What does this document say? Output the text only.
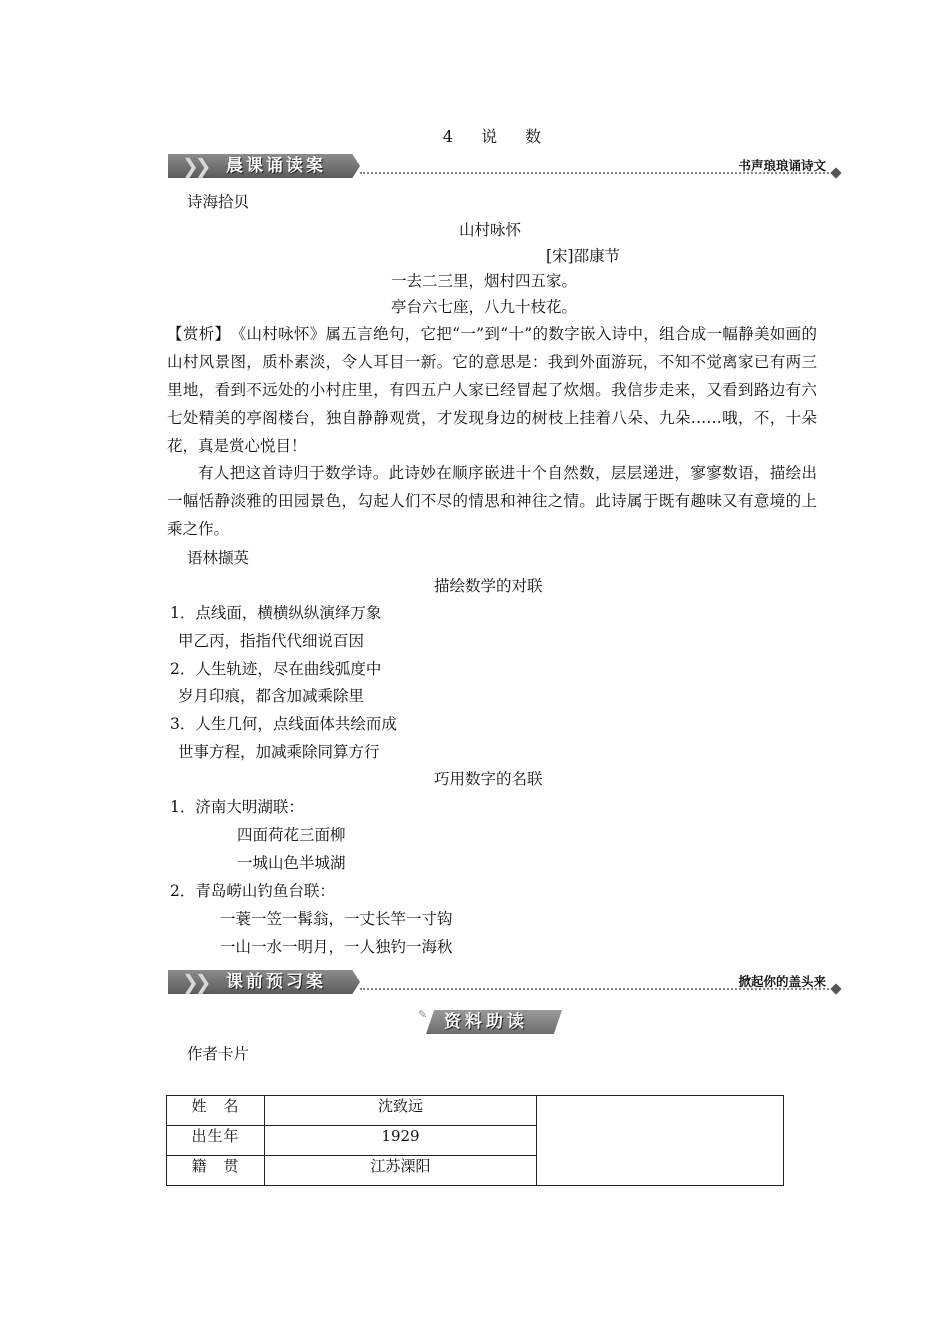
4　说　数
❯❯ 晨课诵读案	书声琅琅诵诗文
诗海拾贝
山村咏怀
[宋]邵康节
一去二三里，烟村四五家。
亭台六七座，八九十枝花。
【赏析】　《山村咏怀》属五言绝句，它把“一”到“十”的数字嵌入诗中，组合成一幅静美如画的山村风景图，质朴素淡，令人耳目一新。它的意思是：我到外面游玩，不知不觉离家已有两三里地，看到不远处的小村庄里，有四五户人家已经冒起了炊烟。我信步走来，又看到路边有六七处精美的亭阁楼台，独自静静观赏，才发现身边的树枝上挂着八朵、九朵……哦，不，十朵花，真是赏心悦目！
有人把这首诗归于数学诗。此诗妙在顺序嵌进十个自然数，层层递进，寥寥数语，描绘出一幅恬静淡雅的田园景色，勾起人们不尽的情思和神往之情。此诗属于既有趣味又有意境的上乘之作。
语林撷英
描绘数学的对联
1．点线面，横横纵纵演绎万象
甲乙丙，指指代代细说百因
2．人生轨迹，尽在曲线弧度中
岁月印痕，都含加减乘除里
3．人生几何，点线面体共绘而成
世事方程，加减乘除同算方行
巧用数字的名联
1．济南大明湖联：
四面荷花三面柳
一城山色半城湖
2．青岛崂山钓鱼台联：
一蓑一笠一髯翁，一丈长竿一寸钩
一山一水一明月，一人独钓一海秋
❯❯ 课前预习案	掀起你的盖头来
✎ 资料助读
作者卡片
姓　名	沈致远	
出生年	1929	
籍　贯	江苏溧阳	
